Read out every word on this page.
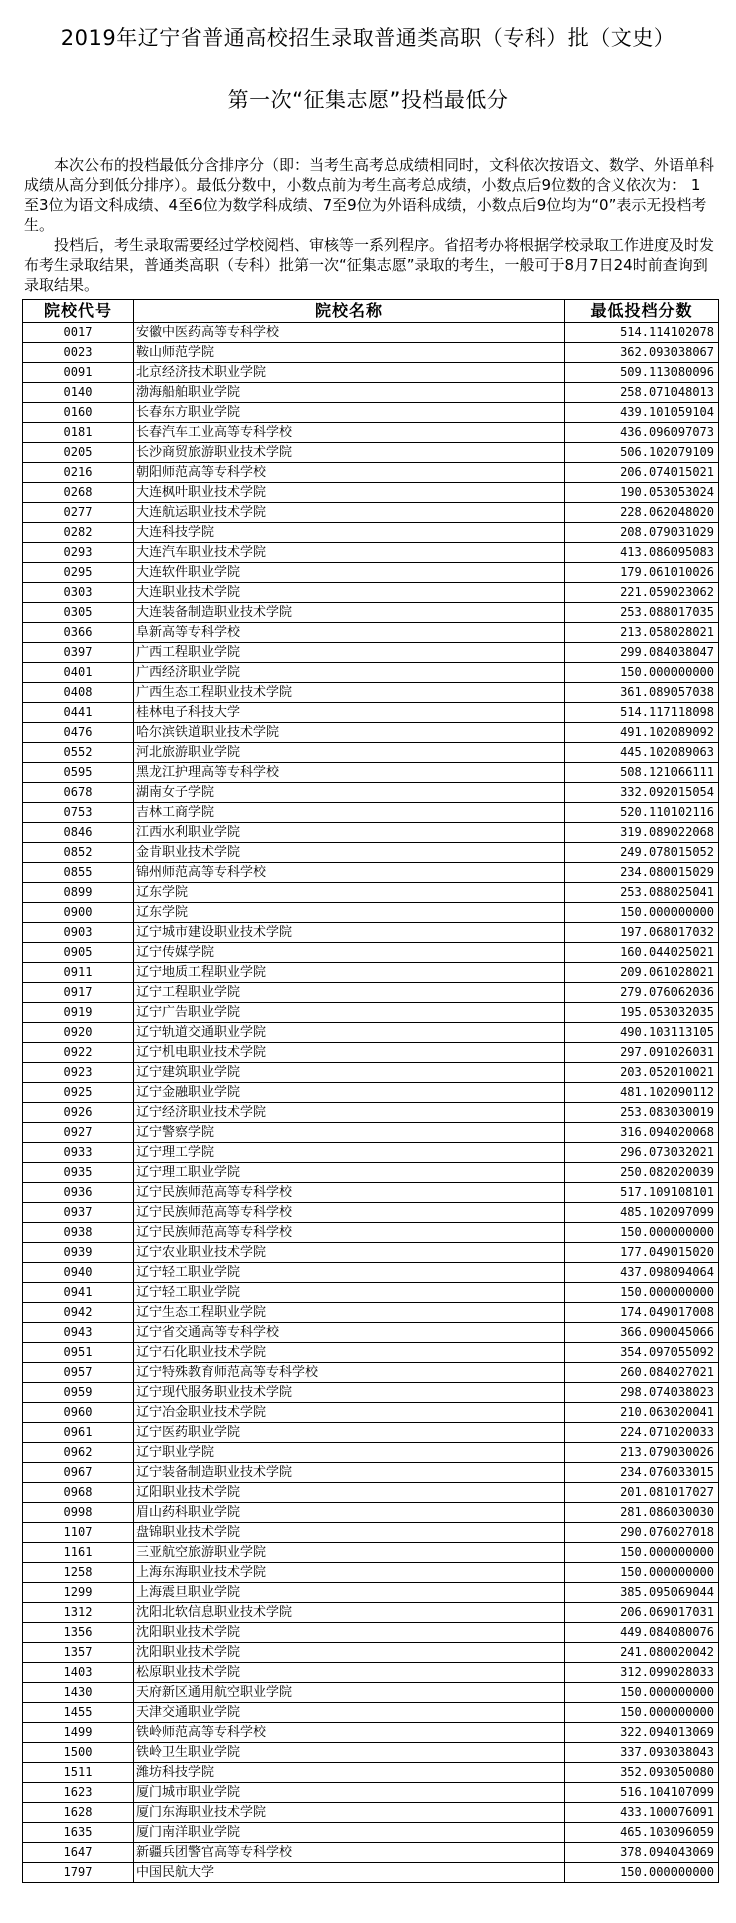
2019年辽宁省普通高校招生录取普通类高职（专科）批（文史）
第一次“征集志愿”投档最低分

本次公布的投档最低分含排序分（即：当考生高考总成绩相同时，文科依次按语文、数学、外语单科成绩从高分到低分排序）。最低分数中，小数点前为考生高考总成绩，小数点后9位数的含义依次为： 1至3位为语文科成绩、4至6位为数学科成绩、7至9位为外语科成绩，小数点后9位均为“0”表示无投档考生。

投档后，考生录取需要经过学校阅档、审核等一系列程序。省招考办将根据学校录取工作进度及时发布考生录取结果，普通类高职（专科）批第一次“征集志愿”录取的考生，一般可于8月7日24时前查询到录取结果。

院校代号	院校名称	最低投档分数
0017	安徽中医药高等专科学校	514.114102078
0023	鞍山师范学院	362.093038067
0091	北京经济技术职业学院	509.113080096
0140	渤海船舶职业学院	258.071048013
0160	长春东方职业学院	439.101059104
0181	长春汽车工业高等专科学校	436.096097073
0205	长沙商贸旅游职业技术学院	506.102079109
0216	朝阳师范高等专科学校	206.074015021
0268	大连枫叶职业技术学院	190.053053024
0277	大连航运职业技术学院	228.062048020
0282	大连科技学院	208.079031029
0293	大连汽车职业技术学院	413.086095083
0295	大连软件职业学院	179.061010026
0303	大连职业技术学院	221.059023062
0305	大连装备制造职业技术学院	253.088017035
0366	阜新高等专科学校	213.058028021
0397	广西工程职业学院	299.084038047
0401	广西经济职业学院	150.000000000
0408	广西生态工程职业技术学院	361.089057038
0441	桂林电子科技大学	514.117118098
0476	哈尔滨铁道职业技术学院	491.102089092
0552	河北旅游职业学院	445.102089063
0595	黑龙江护理高等专科学校	508.121066111
0678	湖南女子学院	332.092015054
0753	吉林工商学院	520.110102116
0846	江西水利职业学院	319.089022068
0852	金肯职业技术学院	249.078015052
0855	锦州师范高等专科学校	234.080015029
0899	辽东学院	253.088025041
0900	辽东学院	150.000000000
0903	辽宁城市建设职业技术学院	197.068017032
0905	辽宁传媒学院	160.044025021
0911	辽宁地质工程职业学院	209.061028021
0917	辽宁工程职业学院	279.076062036
0919	辽宁广告职业学院	195.053032035
0920	辽宁轨道交通职业学院	490.103113105
0922	辽宁机电职业技术学院	297.091026031
0923	辽宁建筑职业学院	203.052010021
0925	辽宁金融职业学院	481.102090112
0926	辽宁经济职业技术学院	253.083030019
0927	辽宁警察学院	316.094020068
0933	辽宁理工学院	296.073032021
0935	辽宁理工职业学院	250.082020039
0936	辽宁民族师范高等专科学校	517.109108101
0937	辽宁民族师范高等专科学校	485.102097099
0938	辽宁民族师范高等专科学校	150.000000000
0939	辽宁农业职业技术学院	177.049015020
0940	辽宁轻工职业学院	437.098094064
0941	辽宁轻工职业学院	150.000000000
0942	辽宁生态工程职业学院	174.049017008
0943	辽宁省交通高等专科学校	366.090045066
0951	辽宁石化职业技术学院	354.097055092
0957	辽宁特殊教育师范高等专科学校	260.084027021
0959	辽宁现代服务职业技术学院	298.074038023
0960	辽宁冶金职业技术学院	210.063020041
0961	辽宁医药职业学院	224.071020033
0962	辽宁职业学院	213.079030026
0967	辽宁装备制造职业技术学院	234.076033015
0968	辽阳职业技术学院	201.081017027
0998	眉山药科职业学院	281.086030030
1107	盘锦职业技术学院	290.076027018
1161	三亚航空旅游职业学院	150.000000000
1258	上海东海职业技术学院	150.000000000
1299	上海震旦职业学院	385.095069044
1312	沈阳北软信息职业技术学院	206.069017031
1356	沈阳职业技术学院	449.084080076
1357	沈阳职业技术学院	241.080020042
1403	松原职业技术学院	312.099028033
1430	天府新区通用航空职业学院	150.000000000
1455	天津交通职业学院	150.000000000
1499	铁岭师范高等专科学校	322.094013069
1500	铁岭卫生职业学院	337.093038043
1511	潍坊科技学院	352.093050080
1623	厦门城市职业学院	516.104107099
1628	厦门东海职业技术学院	433.100076091
1635	厦门南洋职业学院	465.103096059
1647	新疆兵团警官高等专科学校	378.094043069
1797	中国民航大学	150.000000000
